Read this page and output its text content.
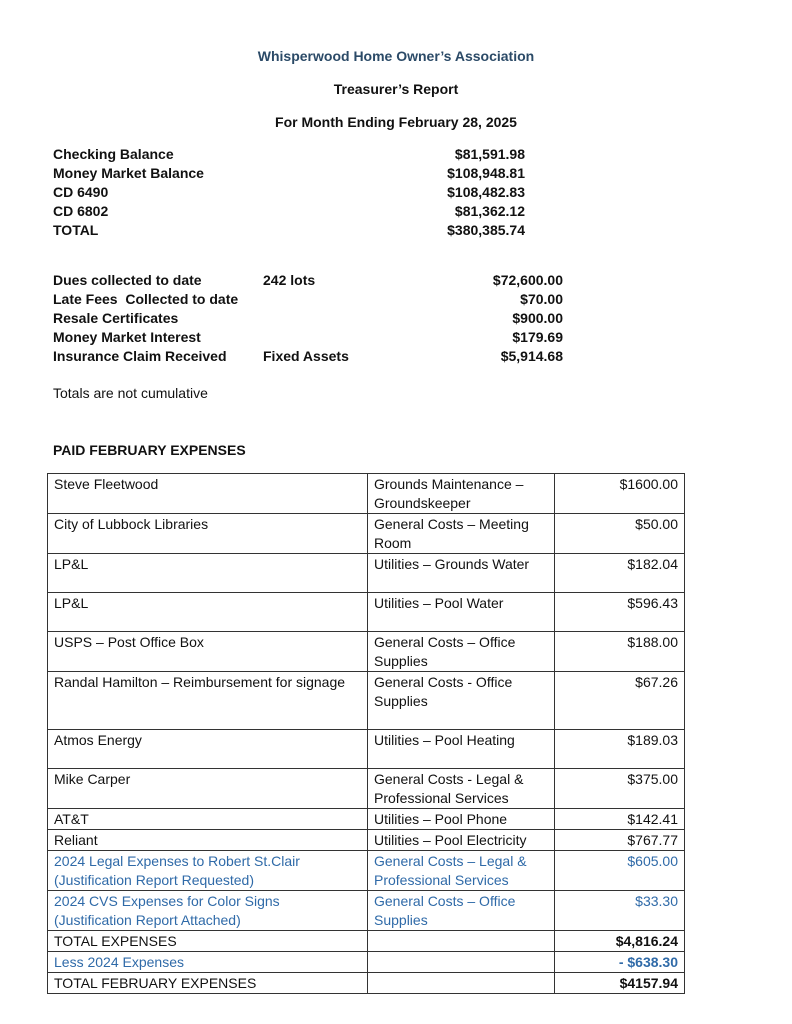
Whisperwood Home Owner’s Association
Treasurer’s Report
For Month Ending February 28, 2025
Checking Balance	$81,591.98
Money Market Balance	$108,948.81
CD 6490	$108,482.83
CD 6802	$81,362.12
TOTAL	$380,385.74
Dues collected to date	242 lots	$72,600.00
Late Fees  Collected to date	$70.00
Resale Certificates	$900.00
Money Market Interest	$179.69
Insurance Claim Received	Fixed Assets	$5,914.68
Totals are not cumulative
PAID FEBRUARY EXPENSES
Steve Fleetwood	Grounds Maintenance – Groundskeeper	$1600.00
City of Lubbock Libraries	General Costs – Meeting Room	$50.00
LP&L	Utilities – Grounds Water	$182.04
LP&L	Utilities – Pool Water	$596.43
USPS – Post Office Box	General Costs – Office Supplies	$188.00
Randal Hamilton – Reimbursement for signage	General Costs - Office Supplies	$67.26
Atmos Energy	Utilities – Pool Heating	$189.03
Mike Carper	General Costs - Legal & Professional Services	$375.00
AT&T	Utilities – Pool Phone	$142.41
Reliant	Utilities – Pool Electricity	$767.77
2024 Legal Expenses to Robert St.Clair (Justification Report Requested)	General Costs – Legal & Professional Services	$605.00
2024 CVS Expenses for Color Signs (Justification Report Attached)	General Costs – Office Supplies	$33.30
TOTAL EXPENSES		$4,816.24
Less 2024 Expenses		- $638.30
TOTAL FEBRUARY EXPENSES		$4157.94
